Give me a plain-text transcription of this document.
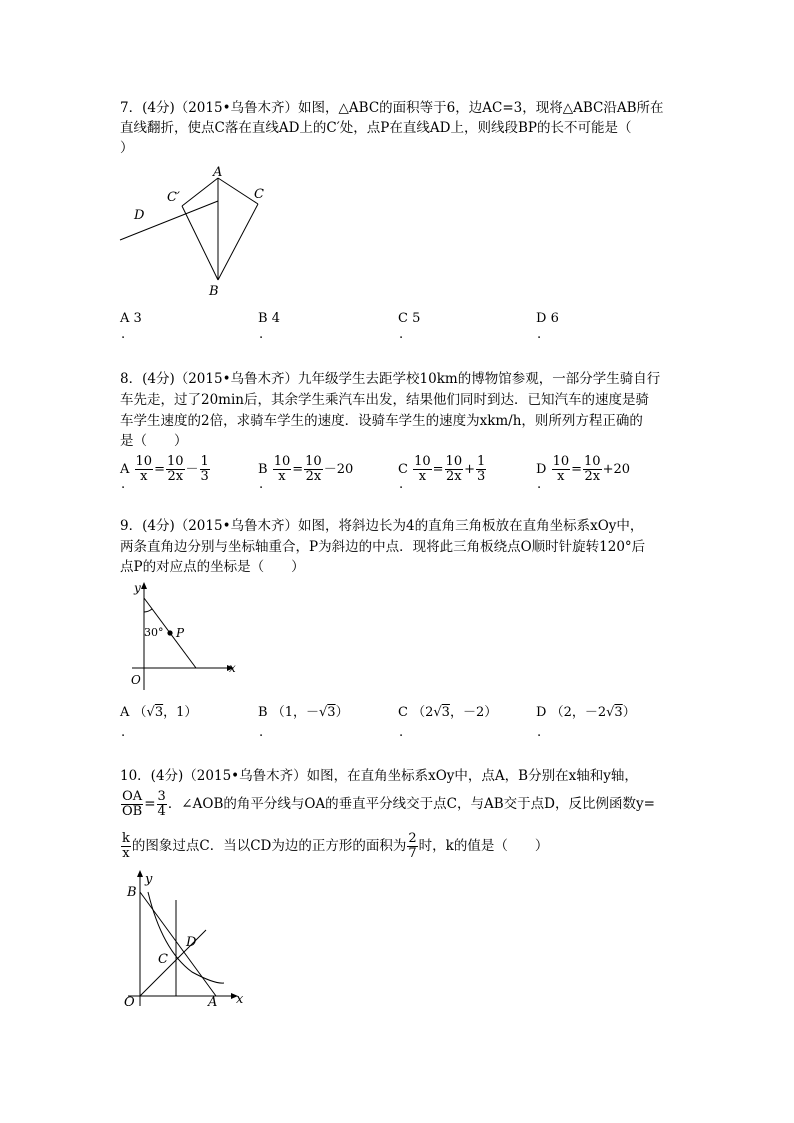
7．(4分)（2015•乌鲁木齐）如图，△ABC的面积等于6，边AC=3，现将△ABC沿AB所在
直线翻折，使点C落在直线AD上的C′处，点P在直线AD上，则线段BP的长不可能是（
）
A
C
C′
D
B
A 3	B 4	C 5	D 6
.	.	.	.
8．(4分)（2015•乌鲁木齐）九年级学生去距学校10km的博物馆参观，一部分学生骑自行
车先走，过了20min后，其余学生乘汽车出发，结果他们同时到达．已知汽车的速度是骑
车学生速度的2倍，求骑车学生的速度．设骑车学生的速度为xkm/h，则所列方程正确的
是（　　）
A $\frac{10}{x} = \frac{10}{2x} - \frac{1}{3}$	B $\frac{10}{x} = \frac{10}{2x} -20$	C $\frac{10}{x} = \frac{10}{2x} + \frac{1}{3}$	D $\frac{10}{x} = \frac{10}{2x} +20$
.	.	.	.
9．(4分)（2015•乌鲁木齐）如图，将斜边长为4的直角三角板放在直角坐标系xOy中，
两条直角边分别与坐标轴重合，P为斜边的中点．现将此三角板绕点O顺时针旋转120°后
点P的对应点的坐标是（　　）
y
x
O
30° P
A （√3，1）	B （1，－√3）	C （2√3，－2）	D （2，－2√3）
.	.	.	.
10．(4分)（2015•乌鲁木齐）如图，在直角坐标系xOy中，点A，B分别在x轴和y轴，
$\frac{OA}{OB} = \frac{3}{4}$ ．∠AOB的角平分线与OA的垂直平分线交于点C，与AB交于点D，反比例函数y=
$\frac{k}{x}$ 的图象过点C．当以CD为边的正方形的面积为 $\frac{2}{7}$ 时，k的值是（　　）
B
y
D
C
O	A x
